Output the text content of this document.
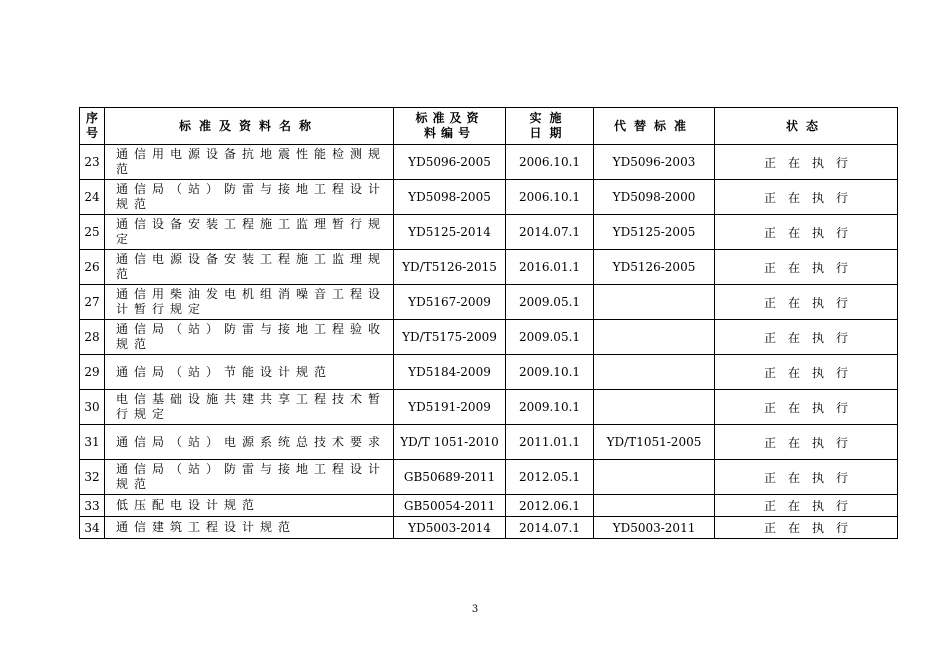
序号	标准及资料名称	标准及资料编号	实施日期	代替标准	状态
23	通信用电源设备抗地震性能检测规范	YD5096-2005	2006.10.1	YD5096-2003	正在执行
24	通信局（站）防雷与接地工程设计规范	YD5098-2005	2006.10.1	YD5098-2000	正在执行
25	通信设备安装工程施工监理暂行规定	YD5125-2014	2014.07.1	YD5125-2005	正在执行
26	通信电源设备安装工程施工监理规范	YD/T5126-2015	2016.01.1	YD5126-2005	正在执行
27	通信用柴油发电机组消噪音工程设计暂行规定	YD5167-2009	2009.05.1		正在执行
28	通信局（站）防雷与接地工程验收规范	YD/T5175-2009	2009.05.1		正在执行
29	通信局（站）节能设计规范	YD5184-2009	2009.10.1		正在执行
30	电信基础设施共建共享工程技术暂行规定	YD5191-2009	2009.10.1		正在执行
31	通信局（站）电源系统总技术要求	YD/T 1051-2010	2011.01.1	YD/T1051-2005	正在执行
32	通信局（站）防雷与接地工程设计规范	GB50689-2011	2012.05.1		正在执行
33	低压配电设计规范	GB50054-2011	2012.06.1		正在执行
34	通信建筑工程设计规范	YD5003-2014	2014.07.1	YD5003-2011	正在执行
3
